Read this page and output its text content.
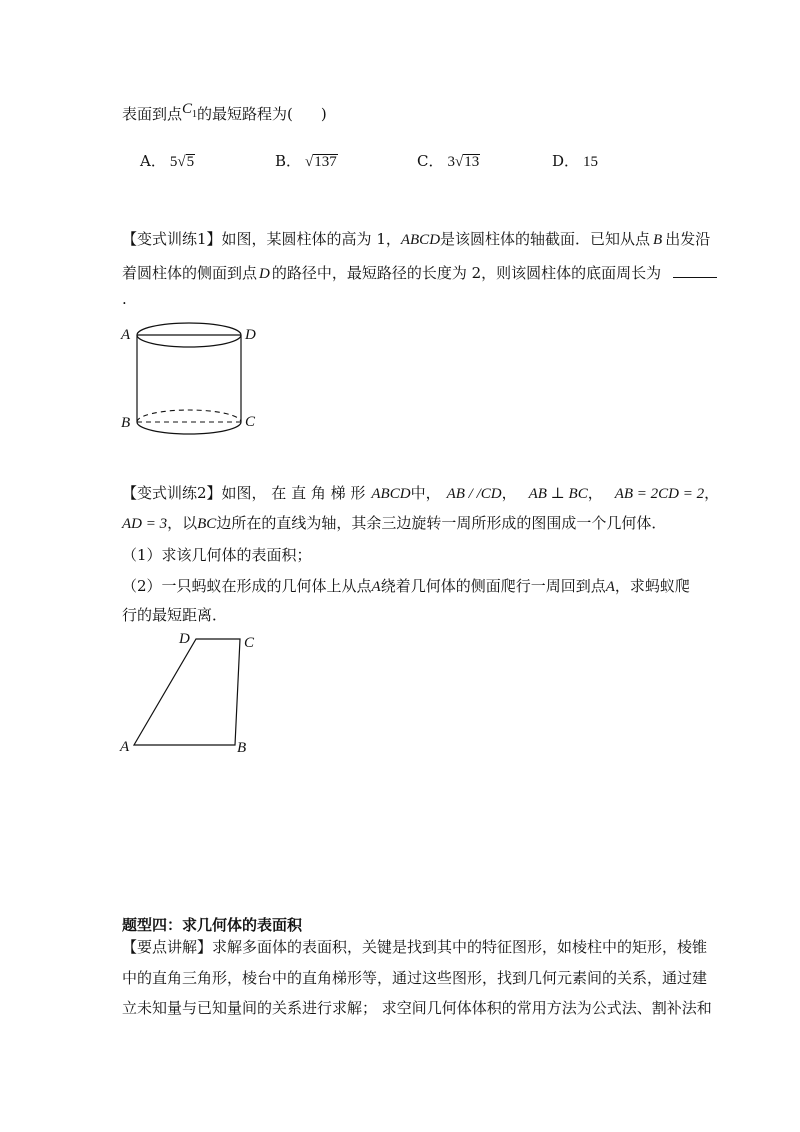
表面到点$C_1$的最短路程为( )
A． 5√5	B． √137	C． 3√13	D． 15
【变式训练1】如图，某圆柱体的高为 1，ABCD是该圆柱体的轴截面．已知从点 B 出发沿
着圆柱体的侧面到点 D 的路径中，最短路径的长度为 2，则该圆柱体的底面周长为
.
A	D
B	C
【变式训练2】如图， 在 直 角 梯 形 ABCD中， AB / /CD， AB ⊥ BC， AB = 2CD = 2，
AD = 3，以BC边所在的直线为轴，其余三边旋转一周所形成的图围成一个几何体．
（1）求该几何体的表面积；
（2）一只蚂蚁在形成的几何体上从点A绕着几何体的侧面爬行一周回到点A，求蚂蚁爬
行的最短距离．
D	C
A	B
题型四：求几何体的表面积
【要点讲解】求解多面体的表面积，关键是找到其中的特征图形，如棱柱中的矩形，棱锥
中的直角三角形，棱台中的直角梯形等，通过这些图形，找到几何元素间的关系，通过建
立未知量与已知量间的关系进行求解； 求空间几何体体积的常用方法为公式法、割补法和
